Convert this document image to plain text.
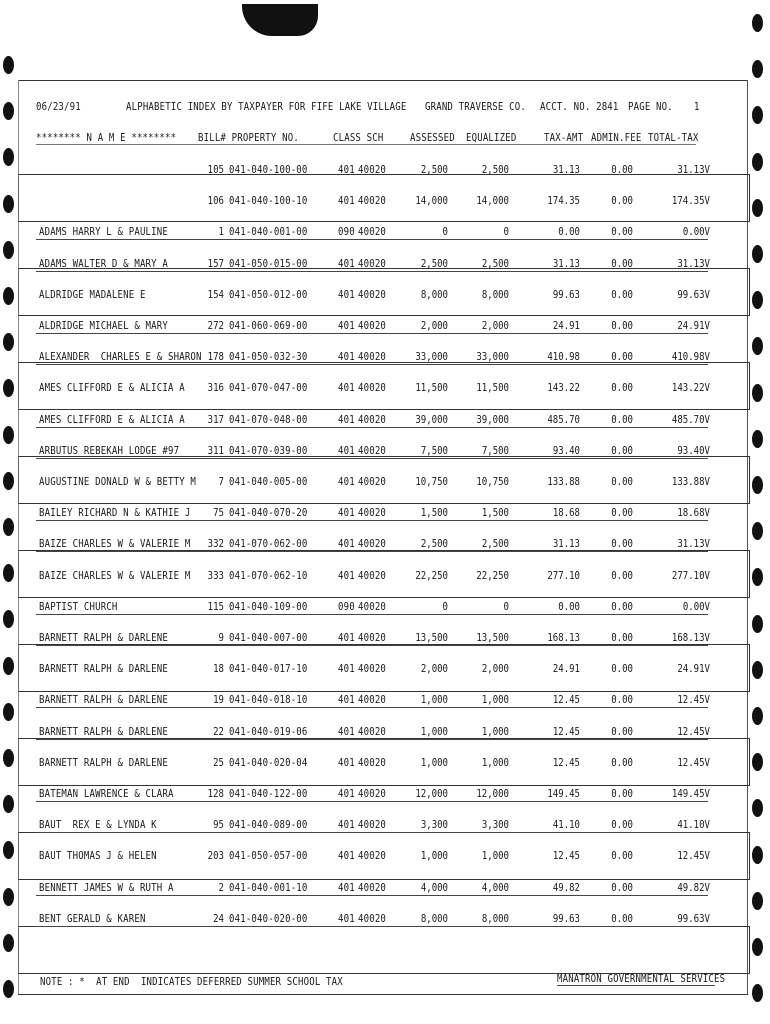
06/23/91	ALPHABETIC INDEX BY TAXPAYER FOR FIFE LAKE VILLAGE GRAND TRAVERSE CO. ACCT. NO. 2841 PAGE NO. 1
******** N A M E ******** BILL# PROPERTY NO.	CLASS SCH	ASSESSED EQUALIZED	TAX-AMT ADMIN.FEE TOTAL-TAX
105 041-040-100-00	401 40020	2,500	2,500	31.13	0.00	31.13V
106 041-040-100-10	401 40020	14,000	14,000	174.35	0.00	174.35V
ADAMS HARRY L & PAULINE	1 041-040-001-00	090 40020	0	0	0.00	0.00	0.00V
ADAMS WALTER D & MARY A	157 041-050-015-00	401 40020	2,500	2,500	31.13	0.00	31.13V
ALDRIDGE MADALENE E	154 041-050-012-00	401 40020	8,000	8,000	99.63	0.00	99.63V
ALDRIDGE MICHAEL & MARY	272 041-060-069-00	401 40020	2,000	2,000	24.91	0.00	24.91V
ALEXANDER  CHARLES E & SHARON 178 041-050-032-30	401 40020	33,000	33,000	410.98	0.00	410.98V
AMES CLIFFORD E & ALICIA A	316 041-070-047-00	401 40020	11,500	11,500	143.22	0.00	143.22V
AMES CLIFFORD E & ALICIA A	317 041-070-048-00	401 40020	39,000	39,000	485.70	0.00	485.70V
ARBUTUS REBEKAH LODGE #97	311 041-070-039-00	401 40020	7,500	7,500	93.40	0.00	93.40V
AUGUSTINE DONALD W & BETTY M	7 041-040-005-00	401 40020	10,750	10,750	133.88	0.00	133.88V
BAILEY RICHARD N & KATHIE J	75 041-040-070-20	401 40020	1,500	1,500	18.68	0.00	18.68V
BAIZE CHARLES W & VALERIE M	332 041-070-062-00	401 40020	2,500	2,500	31.13	0.00	31.13V
BAIZE CHARLES W & VALERIE M	333 041-070-062-10	401 40020	22,250	22,250	277.10	0.00	277.10V
BAPTIST CHURCH	115 041-040-109-00	090 40020	0	0	0.00	0.00	0.00V
BARNETT RALPH & DARLENE	9 041-040-007-00	401 40020	13,500	13,500	168.13	0.00	168.13V
BARNETT RALPH & DARLENE	18 041-040-017-10	401 40020	2,000	2,000	24.91	0.00	24.91V
BARNETT RALPH & DARLENE	19 041-040-018-10	401 40020	1,000	1,000	12.45	0.00	12.45V
BARNETT RALPH & DARLENE	22 041-040-019-06	401 40020	1,000	1,000	12.45	0.00	12.45V
BARNETT RALPH & DARLENE	25 041-040-020-04	401 40020	1,000	1,000	12.45	0.00	12.45V
BATEMAN LAWRENCE & CLARA	128 041-040-122-00	401 40020	12,000	12,000	149.45	0.00	149.45V
BAUT  REX E & LYNDA K	95 041-040-089-00	401 40020	3,300	3,300	41.10	0.00	41.10V
BAUT THOMAS J & HELEN	203 041-050-057-00	401 40020	1,000	1,000	12.45	0.00	12.45V
BENNETT JAMES W & RUTH A	2 041-040-001-10	401 40020	4,000	4,000	49.82	0.00	49.82V
BENT GERALD & KAREN	24 041-040-020-00	401 40020	8,000	8,000	99.63	0.00	99.63V
NOTE : *  AT END  INDICATES DEFERRED SUMMER SCHOOL TAX	MANATRON GOVERNMENTAL SERVICES
